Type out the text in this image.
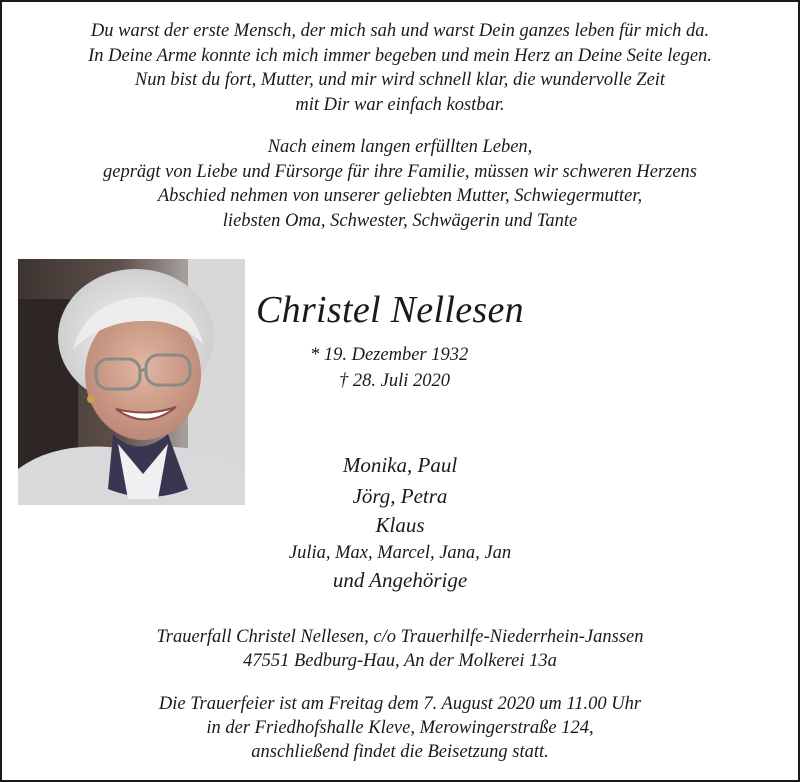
Du warst der erste Mensch, der mich sah und warst Dein ganzes leben für mich da.
In Deine Arme konnte ich mich immer begeben und mein Herz an Deine Seite legen.
Nun bist du fort, Mutter, und mir wird schnell klar, die wundervolle Zeit
mit Dir war einfach kostbar.
Nach einem langen erfüllten Leben,
geprägt von Liebe und Fürsorge für ihre Familie, müssen wir schweren Herzens
Abschied nehmen von unserer geliebten Mutter, Schwiegermutter,
liebsten Oma, Schwester, Schwägerin und Tante
Christel Nellesen
* 19. Dezember 1932
† 28. Juli 2020
Monika, Paul
Jörg, Petra
Klaus
Julia, Max, Marcel, Jana, Jan
und Angehörige
Trauerfall Christel Nellesen, c/o Trauerhilfe-Niederrhein-Janssen
47551 Bedburg-Hau, An der Molkerei 13a
Die Trauerfeier ist am Freitag dem 7. August 2020 um 11.00 Uhr
in der Friedhofshalle Kleve, Merowingerstraße 124,
anschließend findet die Beisetzung statt.
